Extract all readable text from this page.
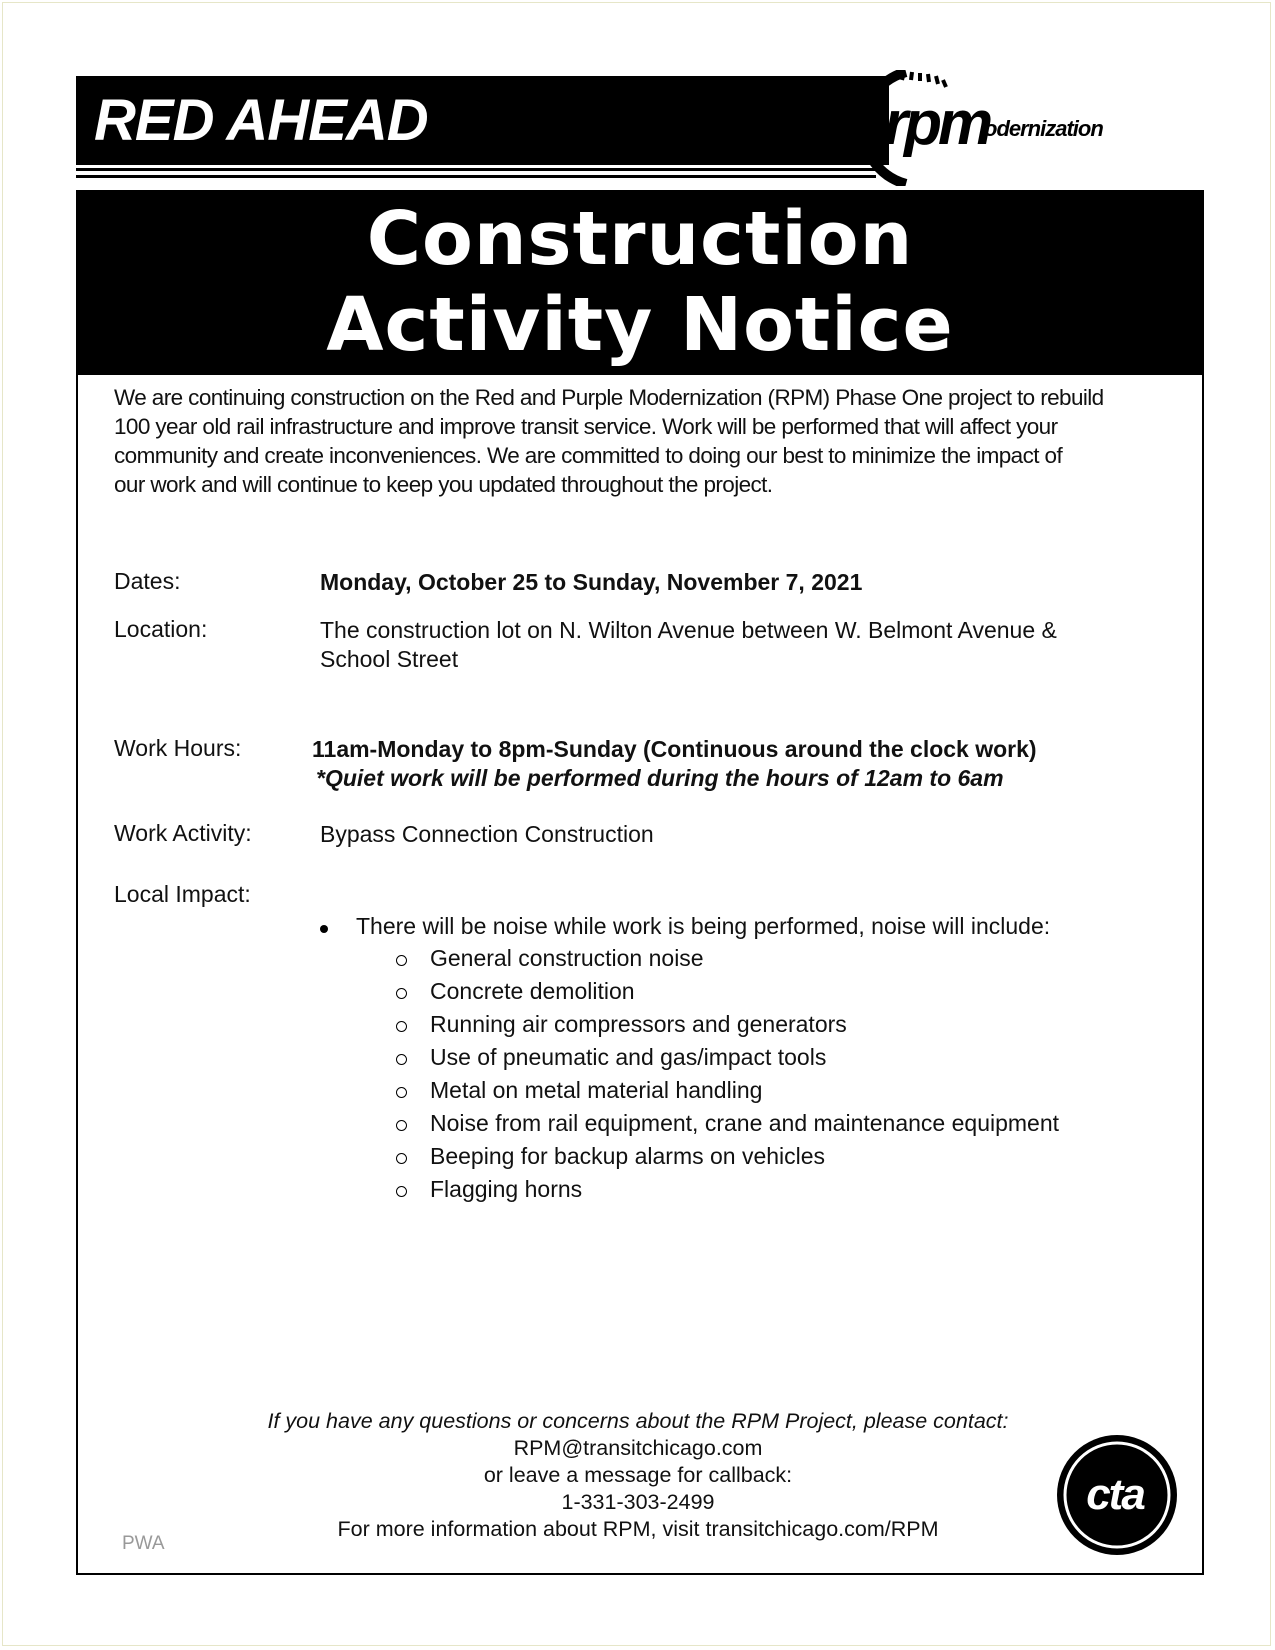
RED AHEAD	rpm
odernization
Construction
Activity Notice
We are continuing construction on the Red and Purple Modernization (RPM) Phase One project to rebuild
100 year old rail infrastructure and improve transit service. Work will be performed that will affect your
community and create inconveniences. We are committed to doing our best to minimize the impact of
our work and will continue to keep you updated throughout the project.
Dates:	Monday, October 25 to Sunday, November 7, 2021
Location:	The construction lot on N. Wilton Avenue between W. Belmont Avenue &
School Street
Work Hours:	11am-Monday to 8pm-Sunday (Continuous around the clock work)
*Quiet work will be performed during the hours of 12am to 6am
Work Activity:	Bypass Connection Construction
Local Impact:
There will be noise while work is being performed, noise will include:
General construction noise
Concrete demolition
Running air compressors and generators
Use of pneumatic and gas/impact tools
Metal on metal material handling
Noise from rail equipment, crane and maintenance equipment
Beeping for backup alarms on vehicles
Flagging horns
If you have any questions or concerns about the RPM Project, please contact:
RPM@transitchicago.com
or leave a message for callback:
1-331-303-2499
For more information about RPM, visit transitchicago.com/RPM
PWA
cta
